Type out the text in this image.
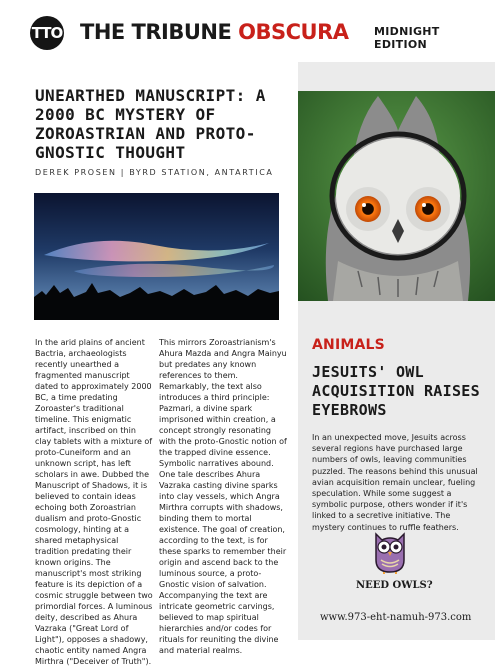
TTO THE TRIBUNE OBSCURA MIDNIGHT EDITION
UNEARTHED MANUSCRIPT: A 2000 BC MYSTERY OF ZOROASTRIAN AND PROTO-GNOSTIC THOUGHT
DEREK PROSEN | BYRD STATION, ANTARTICA
In the arid plains of ancient Bactria, archaeologists recently unearthed a fragmented manuscript dated to approximately 2000 BC, a time predating Zoroaster's traditional timeline. This enigmatic artifact, inscribed on thin clay tablets with a mixture of proto-Cuneiform and an unknown script, has left scholars in awe. Dubbed the Manuscript of Shadows, it is believed to contain ideas echoing both Zoroastrian dualism and proto-Gnostic cosmology, hinting at a shared metaphysical tradition predating their known origins. The manuscript's most striking feature is its depiction of a cosmic struggle between two primordial forces. A luminous deity, described as Ahura Vazraka ("Great Lord of Light"), opposes a shadowy, chaotic entity named Angra Mirthra ("Deceiver of Truth").
This mirrors Zoroastrianism's Ahura Mazda and Angra Mainyu but predates any known references to them. Remarkably, the text also introduces a third principle: Pazmari, a divine spark imprisoned within creation, a concept strongly resonating with the proto-Gnostic notion of the trapped divine essence. Symbolic narratives abound. One tale describes Ahura Vazraka casting divine sparks into clay vessels, which Angra Mirthra corrupts with shadows, binding them to mortal existence. The goal of creation, according to the text, is for these sparks to remember their origin and ascend back to the luminous source, a proto-Gnostic vision of salvation. Accompanying the text are intricate geometric carvings, believed to map spiritual hierarchies and/or codes for rituals for reuniting the divine and material realms.
ANIMALS
JESUITS' OWL ACQUISITION RAISES EYEBROWS

In an unexpected move, Jesuits across several regions have purchased large numbers of owls, leaving communities puzzled. The reasons behind this unusual avian acquisition remain unclear, fueling speculation. While some suggest a symbolic purpose, others wonder if it's linked to a secretive initiative. The mystery continues to ruffle feathers.

NEED OWLS?
www.973-eht-namuh-973.com
